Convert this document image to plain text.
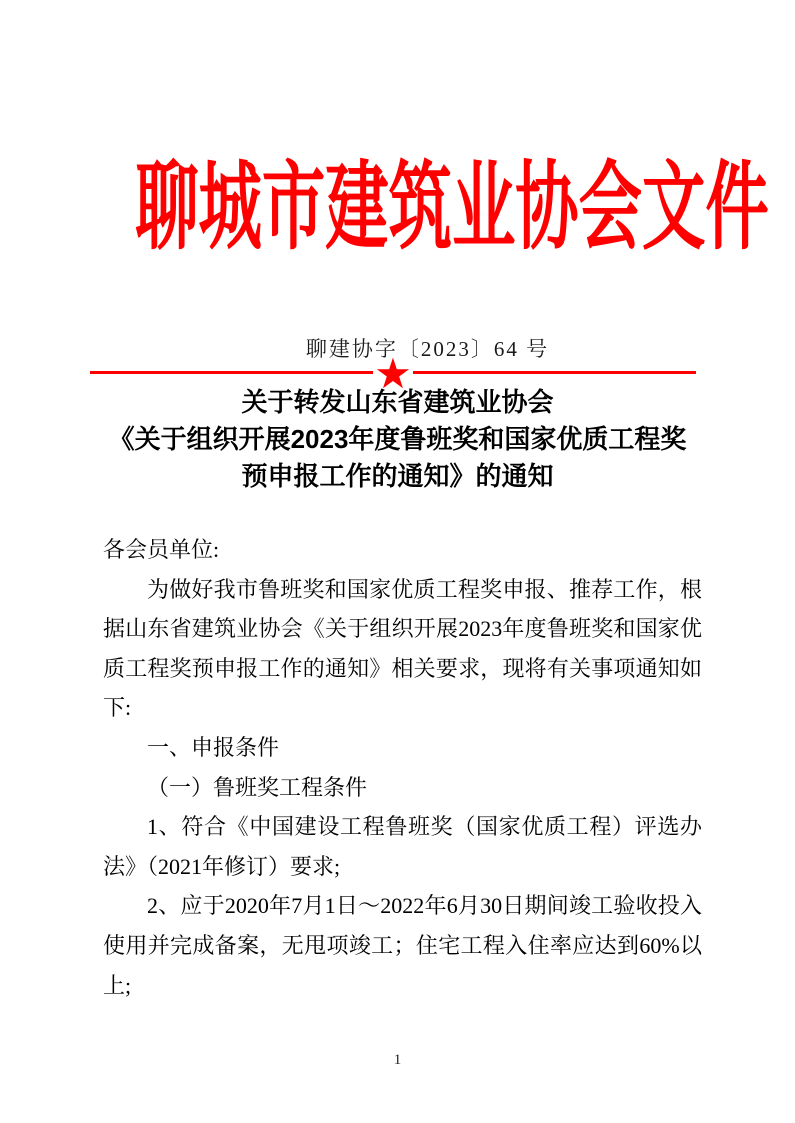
聊城市建筑业协会文件
聊建协字〔2023〕64 号
★
关于转发山东省建筑业协会
《关于组织开展2023年度鲁班奖和国家优质工程奖
预申报工作的通知》的通知

各会员单位:

为做好我市鲁班奖和国家优质工程奖申报、推荐工作，根据山东省建筑业协会《关于组织开展2023年度鲁班奖和国家优质工程奖预申报工作的通知》相关要求，现将有关事项通知如下:

一、申报条件

（一）鲁班奖工程条件

1、符合《中国建设工程鲁班奖（国家优质工程）评选办法》（2021年修订）要求;

2、应于2020年7月1日～2022年6月30日期间竣工验收投入使用并完成备案，无甩项竣工；住宅工程入住率应达到60%以上;

1
